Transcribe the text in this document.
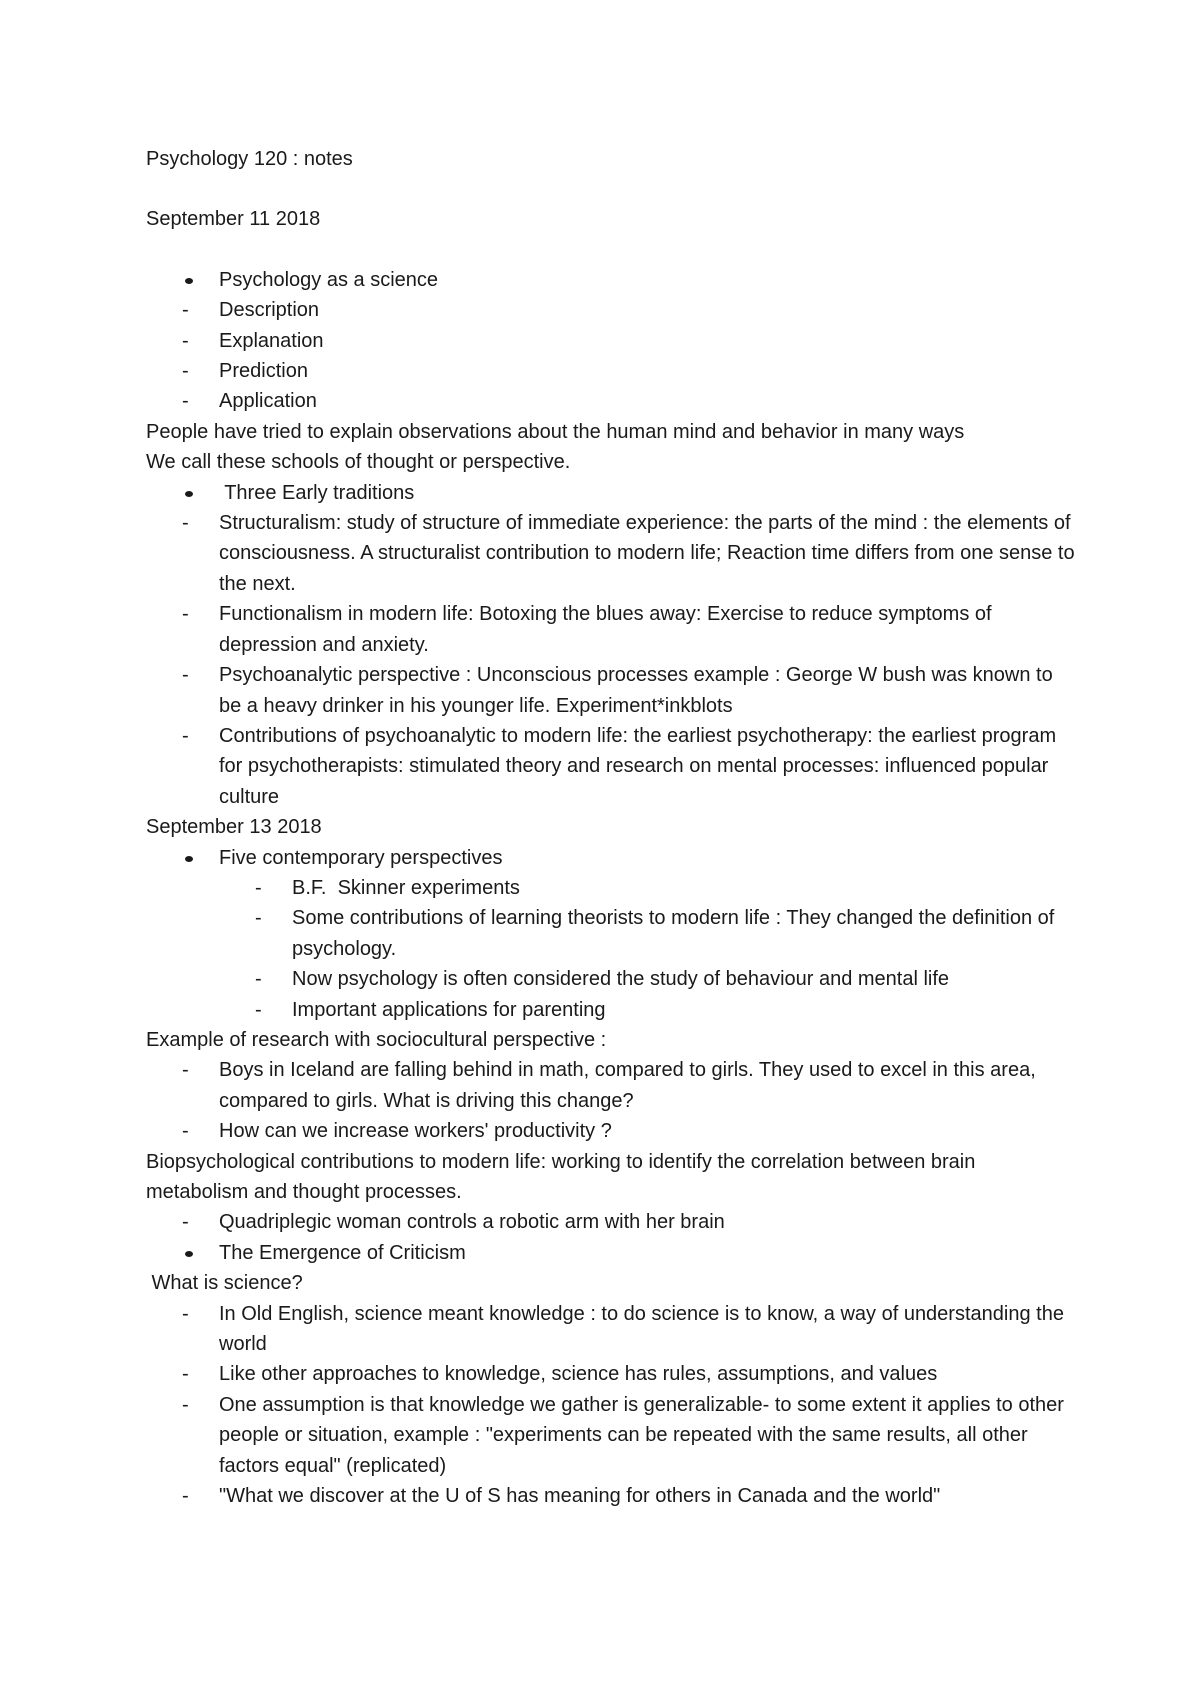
Psychology 120 : notes
September 11 2018
Psychology as a science
- Description
- Explanation
- Prediction
- Application
People have tried to explain observations about the human mind and behavior in many ways
We call these schools of thought or perspective.
Three Early traditions
- Structuralism: study of structure of immediate experience: the parts of the mind : the elements of consciousness. A structuralist contribution to modern life; Reaction time differs from one sense to the next.
- Functionalism in modern life: Botoxing the blues away: Exercise to reduce symptoms of depression and anxiety.
- Psychoanalytic perspective : Unconscious processes example : George W bush was known to be a heavy drinker in his younger life. Experiment*inkblots
- Contributions of psychoanalytic to modern life: the earliest psychotherapy: the earliest program for psychotherapists: stimulated theory and research on mental processes: influenced popular culture
September 13 2018
Five contemporary perspectives
- B.F.  Skinner experiments
- Some contributions of learning theorists to modern life : They changed the definition of psychology.
- Now psychology is often considered the study of behaviour and mental life
- Important applications for parenting
Example of research with sociocultural perspective :
- Boys in Iceland are falling behind in math, compared to girls. They used to excel in this area, compared to girls. What is driving this change?
- How can we increase workers' productivity ?
Biopsychological contributions to modern life: working to identify the correlation between brain metabolism and thought processes.
- Quadriplegic woman controls a robotic arm with her brain
The Emergence of Criticism
What is science?
- In Old English, science meant knowledge : to do science is to know, a way of understanding the world
- Like other approaches to knowledge, science has rules, assumptions, and values
- One assumption is that knowledge we gather is generalizable- to some extent it applies to other people or situation, example : "experiments can be repeated with the same results, all other factors equal" (replicated)
- "What we discover at the U of S has meaning for others in Canada and the world"
